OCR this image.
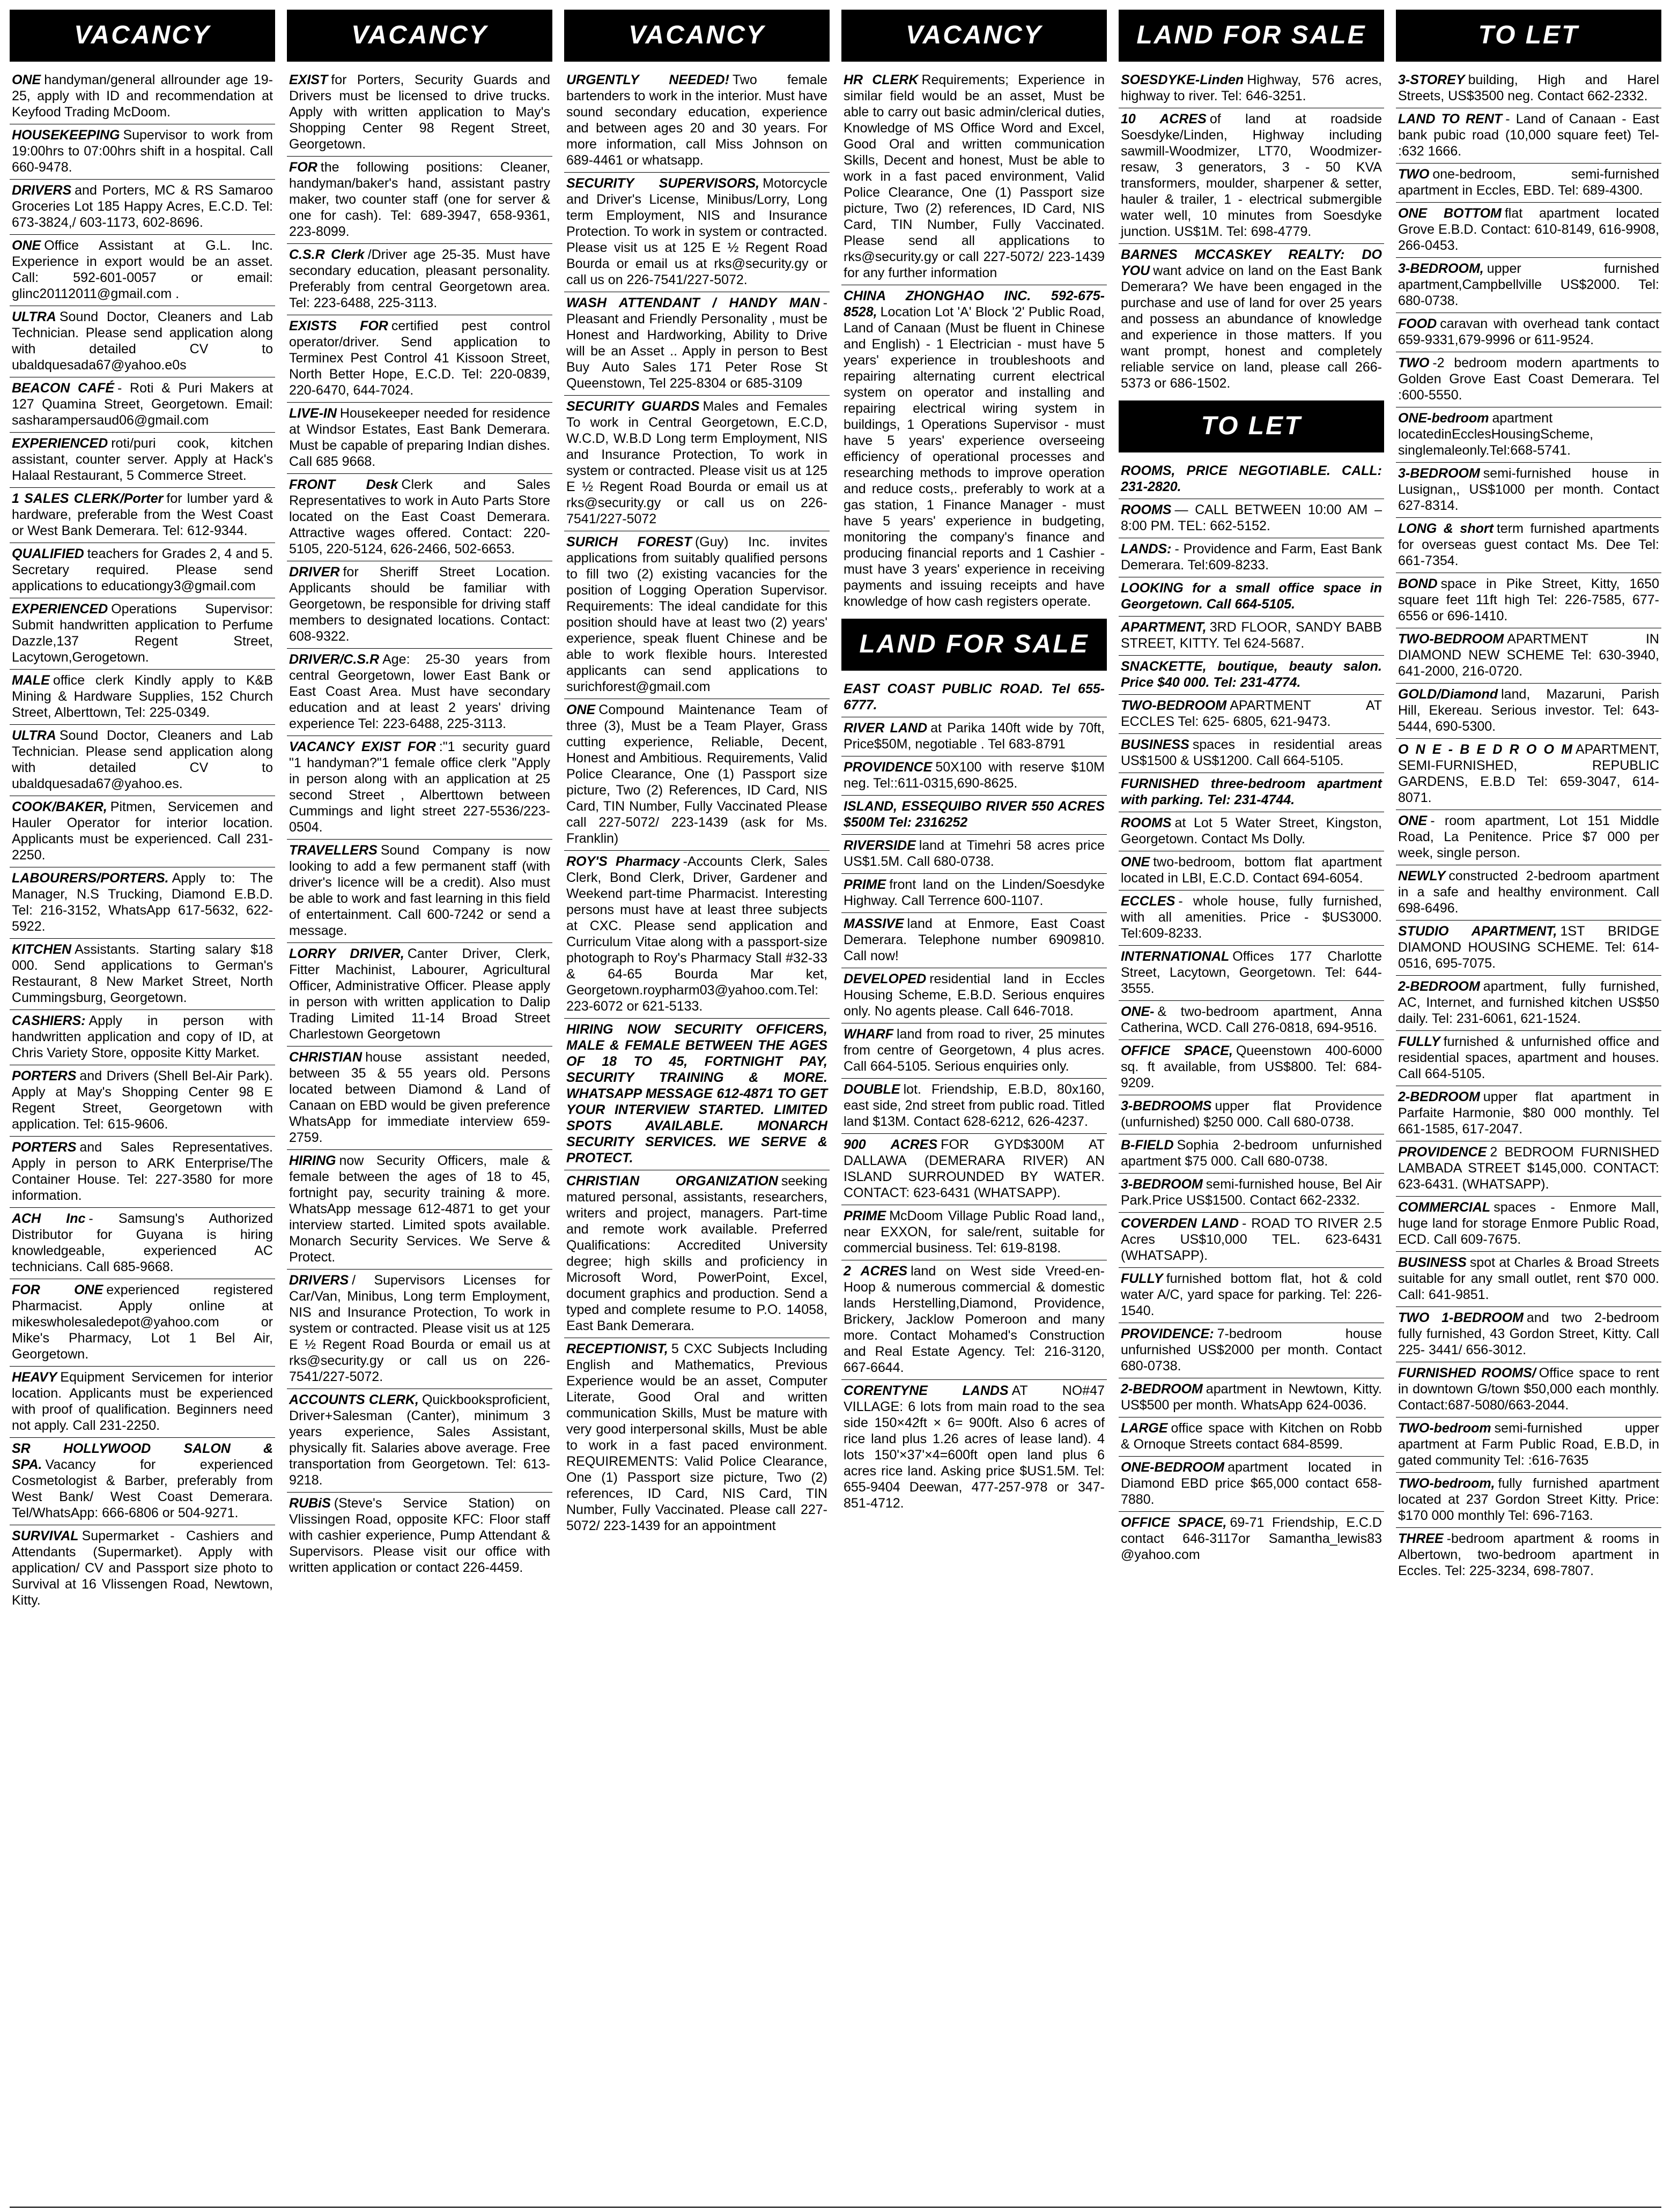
VACANCY
ONE handyman/general allrounder age 19-25, apply with ID and recommendation at Keyfood Trading McDoom.
HOUSEKEEPING Supervisor to work from 19:00hrs to 07:00hrs shift in a hospital. Call 660-9478.
DRIVERS and Porters, MC & RS Samaroo Groceries Lot 185 Happy Acres, E.C.D. Tel: 673-3824,/ 603-1173, 602-8696.
ONE Office Assistant at G.L. Inc. Experience in export would be an asset. Call: 592-601-0057 or email: glinc20112011@gmail.com .
ULTRA Sound Doctor, Cleaners and Lab Technician. Please send application along with detailed CV to ubaldquesada67@yahoo.e0s
BEACON CAFÉ - Roti & Puri Makers at 127 Quamina Street, Georgetown. Email: sasharampersaud06@gmail.com
EXPERIENCED roti/puri cook, kitchen assistant, counter server. Apply at Hack's Halaal Restaurant, 5 Commerce Street.
1 SALES CLERK/Porter for lumber yard & hardware, preferable from the West Coast or West Bank Demerara. Tel: 612-9344.
QUALIFIED teachers for Grades 2, 4 and 5. Secretary required. Please send applications to educationgy3@gmail.com
EXPERIENCED Operations Supervisor: Submit handwritten application to Perfume Dazzle,137 Regent Street, Lacytown,Gerogetown.
MALE office clerk Kindly apply to K&B Mining & Hardware Supplies, 152 Church Street, Alberttown, Tel: 225-0349.
ULTRA Sound Doctor, Cleaners and Lab Technician. Please send application along with detailed CV to ubaldquesada67@yahoo.es.
COOK/BAKER, Pitmen, Servicemen and Hauler Operator for interior location. Applicants must be experienced. Call 231-2250.
LABOURERS/PORTERS. Apply to: The Manager, N.S Trucking, Diamond E.B.D. Tel: 216-3152, WhatsApp 617-5632, 622-5922.
KITCHEN Assistants. Starting salary $18 000. Send applications to German's Restaurant, 8 New Market Street, North Cummingsburg, Georgetown.
CASHIERS: Apply in person with handwritten application and copy of ID, at Chris Variety Store, opposite Kitty Market.
PORTERS and Drivers (Shell Bel-Air Park). Apply at May's Shopping Center 98 E Regent Street, Georgetown with application. Tel: 615-9606.
PORTERS and Sales Representatives. Apply in person to ARK Enterprise/The Container House. Tel: 227-3580 for more information.
ACH Inc - Samsung's Authorized Distributor for Guyana is hiring knowledgeable, experienced AC technicians. Call 685-9668.
FOR ONE experienced registered Pharmacist. Apply online at mikeswholesaledepot@yahoo.com or Mike's Pharmacy, Lot 1 Bel Air, Georgetown.
HEAVY Equipment Servicemen for interior location. Applicants must be experienced with proof of qualification. Beginners need not apply. Call 231-2250.
SR HOLLYWOOD SALON & SPA. Vacancy for experienced Cosmetologist & Barber, preferably from West Bank/ West Coast Demerara. Tel/WhatsApp: 666-6806 or 504-9271.
SURVIVAL Supermarket - Cashiers and Attendants (Supermarket). Apply with application/ CV and Passport size photo to Survival at 16 Vlissengen Road, Newtown, Kitty.
VACANCY
EXIST for Porters, Security Guards and Drivers must be licensed to drive trucks. Apply with written application to May's Shopping Center 98 Regent Street, Georgetown.
FOR the following positions: Cleaner, handyman/baker's hand, assistant pastry maker, two counter staff (one for server & one for cash). Tel: 689-3947, 658-9361, 223-8099.
C.S.R Clerk /Driver age 25-35. Must have secondary education, pleasant personality. Preferably from central Georgetown area. Tel: 223-6488, 225-3113.
EXISTS FOR certified pest control operator/driver. Send application to Terminex Pest Control 41 Kissoon Street, North Better Hope, E.C.D. Tel: 220-0839, 220-6470, 644-7024.
LIVE-IN Housekeeper needed for residence at Windsor Estates, East Bank Demerara. Must be capable of preparing Indian dishes. Call 685 9668.
FRONT Desk Clerk and Sales Representatives to work in Auto Parts Store located on the East Coast Demerara. Attractive wages offered. Contact: 220-5105, 220-5124, 626-2466, 502-6653.
DRIVER for Sheriff Street Location. Applicants should be familiar with Georgetown, be responsible for driving staff members to designated locations. Contact: 608-9322.
DRIVER/C.S.R Age: 25-30 years from central Georgetown, lower East Bank or East Coast Area. Must have secondary education and at least 2 years' driving experience Tel: 223-6488, 225-3113.
VACANCY EXIST FOR :"1 security guard "1 handyman?"1 female office clerk "Apply in person along with an application at 25 second Street , Alberttown between Cummings and light street 227-5536/223-0504.
TRAVELLERS Sound Company is now looking to add a few permanent staff (with driver's licence will be a credit). Also must be able to work and fast learning in this field of entertainment. Call 600-7242 or send a message.
LORRY DRIVER, Canter Driver, Clerk, Fitter Machinist, Labourer, Agricultural Officer, Administrative Officer. Please apply in person with written application to Dalip Trading Limited 11-14 Broad Street Charlestown Georgetown
CHRISTIAN house assistant needed, between 35 & 55 years old. Persons located between Diamond & Land of Canaan on EBD would be given preference WhatsApp for immediate interview 659-2759.
HIRING now Security Officers, male & female between the ages of 18 to 45, fortnight pay, security training & more. WhatsApp message 612-4871 to get your interview started. Limited spots available. Monarch Security Services. We Serve & Protect.
DRIVERS / Supervisors Licenses for Car/Van, Minibus, Long term Employment, NIS and Insurance Protection, To work in system or contracted. Please visit us at 125 E ½ Regent Road Bourda or email us at rks@security.gy or call us on 226-7541/227-5072.
ACCOUNTS CLERK, Quickbooksproficient, Driver+Salesman (Canter), minimum 3 years experience, Sales Assistant, physically fit. Salaries above average. Free transportation from Georgetown. Tel: 613-9218.
RUBiS (Steve's Service Station) on Vlissingen Road, opposite KFC: Floor staff with cashier experience, Pump Attendant & Supervisors. Please visit our office with written application or contact 226-4459.
VACANCY
URGENTLY NEEDED! Two female bartenders to work in the interior. Must have sound secondary education, experience and between ages 20 and 30 years. For more information, call Miss Johnson on 689-4461 or whatsapp.
SECURITY SUPERVISORS, Motorcycle and Driver's License, Minibus/Lorry, Long term Employment, NIS and Insurance Protection. To work in system or contracted. Please visit us at 125 E ½ Regent Road Bourda or email us at rks@security.gy or call us on 226-7541/227-5072.
WASH ATTENDANT / HANDY MAN - Pleasant and Friendly Personality , must be Honest and Hardworking, Ability to Drive will be an Asset .. Apply in person to Best Buy Auto Sales 171 Peter Rose St Queenstown, Tel 225-8304 or 685-3109
SECURITY GUARDS Males and Females To work in Central Georgetown, E.C.D, W.C.D, W.B.D Long term Employment, NIS and Insurance Protection, To work in system or contracted. Please visit us at 125 E ½ Regent Road Bourda or email us at rks@security.gy or call us on 226-7541/227-5072
SURICH FOREST (Guy) Inc. invites applications from suitably qualified persons to fill two (2) existing vacancies for the position of Logging Operation Supervisor. Requirements: The ideal candidate for this position should have at least two (2) years' experience, speak fluent Chinese and be able to work flexible hours. Interested applicants can send applications to surichforest@gmail.com
ONE Compound Maintenance Team of three (3), Must be a Team Player, Grass cutting experience, Reliable, Decent, Honest and Ambitious. Requirements, Valid Police Clearance, One (1) Passport size picture, Two (2) References, ID Card, NIS Card, TIN Number, Fully Vaccinated Please call 227-5072/ 223-1439 (ask for Ms. Franklin)
ROY'S Pharmacy -Accounts Clerk, Sales Clerk, Bond Clerk, Driver, Gardener and Weekend part-time Pharmacist. Interesting persons must have at least three subjects at CXC. Please send application and Curriculum Vitae along with a passport-size photograph to Roy's Pharmacy Stall #32-33 & 64-65 Bourda Mar ket, Georgetown.roypharm03@yahoo.com.Tel: 223-6072 or 621-5133.
HIRING NOW SECURITY OFFICERS, MALE & FEMALE BETWEEN THE AGES OF 18 TO 45, FORTNIGHT PAY, SECURITY TRAINING & MORE. WHATSAPP MESSAGE 612-4871 TO GET YOUR INTERVIEW STARTED. LIMITED SPOTS AVAILABLE. MONARCH SECURITY SERVICES. WE SERVE & PROTECT.
CHRISTIAN ORGANIZATION seeking matured personal, assistants, researchers, writers and project, managers. Part-time and remote work available. Preferred Qualifications: Accredited University degree; high skills and proficiency in Microsoft Word, PowerPoint, Excel, document graphics and production. Send a typed and complete resume to P.O. 14058, East Bank Demerara.
RECEPTIONIST, 5 CXC Subjects Including English and Mathematics, Previous Experience would be an asset, Computer Literate, Good Oral and written communication Skills, Must be mature with very good interpersonal skills, Must be able to work in a fast paced environment. REQUIREMENTS: Valid Police Clearance, One (1) Passport size picture, Two (2) references, ID Card, NIS Card, TIN Number, Fully Vaccinated. Please call 227-5072/ 223-1439 for an appointment
VACANCY
HR CLERK Requirements; Experience in similar field would be an asset, Must be able to carry out basic admin/clerical duties, Knowledge of MS Office Word and Excel, Good Oral and written communication Skills, Decent and honest, Must be able to work in a fast paced environment, Valid Police Clearance, One (1) Passport size picture, Two (2) references, ID Card, NIS Card, TIN Number, Fully Vaccinated. Please send all applications to rks@security.gy or call 227-5072/ 223-1439 for any further information
CHINA ZHONGHAO INC. 592-675-8528, Location Lot 'A' Block '2' Public Road, Land of Canaan (Must be fluent in Chinese and English) - 1 Electrician - must have 5 years' experience in troubleshoots and repairing alternating current electrical system on operator and installing and repairing electrical wiring system in buildings, 1 Operations Supervisor - must have 5 years' experience overseeing efficiency of operational processes and researching methods to improve operation and reduce costs,. preferably to work at a gas station, 1 Finance Manager - must have 5 years' experience in budgeting, monitoring the company's finance and producing financial reports and 1 Cashier - must have 3 years' experience in receiving payments and issuing receipts and have knowledge of how cash registers operate.
LAND FOR SALE
EAST COAST PUBLIC ROAD. Tel 655-6777.
RIVER LAND at Parika 140ft wide by 70ft, Price$50M, negotiable . Tel 683-8791
PROVIDENCE 50X100 with reserve $10M neg. Tel::611-0315,690-8625.
ISLAND, ESSEQUIBO RIVER 550 ACRES $500M Tel: 2316252
RIVERSIDE land at Timehri 58 acres price US$1.5M. Call 680-0738.
PRIME front land on the Linden/Soesdyke Highway. Call Terrence 600-1107.
MASSIVE land at Enmore, East Coast Demerara. Telephone number 6909810. Call now!
DEVELOPED residential land in Eccles Housing Scheme, E.B.D. Serious enquires only. No agents please. Call 646-7018.
WHARF land from road to river, 25 minutes from centre of Georgetown, 4 plus acres. Call 664-5105. Serious enquiries only.
DOUBLE lot. Friendship, E.B.D, 80x160, east side, 2nd street from public road. Titled land $13M. Contact 628-6212, 626-4237.
900 ACRES FOR GYD$300M AT DALLAWA (DEMERARA RIVER) AN ISLAND SURROUNDED BY WATER. CONTACT: 623-6431 (WHATSAPP).
PRIME McDoom Village Public Road land,, near EXXON, for sale/rent, suitable for commercial business. Tel: 619-8198.
2 ACRES land on West side Vreed-en-Hoop & numerous commercial & domestic lands Herstelling,Diamond, Providence, Brickery, Jacklow Pomeroon and many more. Contact Mohamed's Construction and Real Estate Agency. Tel: 216-3120, 667-6644.
CORENTYNE LANDS AT NO#47 VILLAGE: 6 lots from main road to the sea side 150×42ft × 6= 900ft. Also 6 acres of rice land plus 1.26 acres of lease land). 4 lots 150'×37'×4=600ft open land plus 6 acres rice land. Asking price $US1.5M. Tel: 655-9404 Deewan, 477-257-978 or 347-851-4712.
LAND FOR SALE
SOESDYKE-Linden Highway, 576 acres, highway to river. Tel: 646-3251.
10 ACRES of land at roadside Soesdyke/Linden, Highway including sawmill-Woodmizer, LT70, Woodmizer-resaw, 3 generators, 3 - 50 KVA transformers, moulder, sharpener & setter, hauler & trailer, 1 - electrical submergible water well, 10 minutes from Soesdyke junction. US$1M. Tel: 698-4779.
BARNES MCCASKEY REALTY: DO YOU want advice on land on the East Bank Demerara? We have been engaged in the purchase and use of land for over 25 years and possess an abundance of knowledge and experience in those matters. If you want prompt, honest and completely reliable service on land, please call 266-5373 or 686-1502.
TO LET
ROOMS, PRICE NEGOTIABLE. CALL: 231-2820.
ROOMS — CALL BETWEEN 10:00 AM – 8:00 PM. TEL: 662-5152.
LANDS: - Providence and Farm, East Bank Demerara. Tel:609-8233.
LOOKING for a small office space in Georgetown. Call 664-5105.
APARTMENT, 3RD FLOOR, SANDY BABB STREET, KITTY. Tel 624-5687.
SNACKETTE, boutique, beauty salon. Price $40 000. Tel: 231-4774.
TWO-BEDROOM APARTMENT AT ECCLES Tel: 625- 6805, 621-9473.
BUSINESS spaces in residential areas US$1500 & US$1200. Call 664-5105.
FURNISHED three-bedroom apartment with parking. Tel: 231-4744.
ROOMS at Lot 5 Water Street, Kingston, Georgetown. Contact Ms Dolly.
ONE two-bedroom, bottom flat apartment located in LBI, E.C.D. Contact 694-6054.
ECCLES - whole house, fully furnished, with all amenities. Price - $US3000. Tel:609-8233.
INTERNATIONAL Offices 177 Charlotte Street, Lacytown, Georgetown. Tel: 644-3555.
ONE- & two-bedroom apartment, Anna Catherina, WCD. Call 276-0818, 694-9516.
OFFICE SPACE, Queenstown 400-6000 sq. ft available, from US$800. Tel: 684-9209.
3-BEDROOMS upper flat Providence (unfurnished) $250 000. Call 680-0738.
B-FIELD Sophia 2-bedroom unfurnished apartment $75 000. Call 680-0738.
3-BEDROOM semi-furnished house, Bel Air Park.Price US$1500. Contact 662-2332.
COVERDEN LAND - ROAD TO RIVER 2.5 Acres US$10,000 TEL. 623-6431 (WHATSAPP).
FULLY furnished bottom flat, hot & cold water A/C, yard space for parking. Tel: 226-1540.
PROVIDENCE: 7-bedroom house unfurnished US$2000 per month. Contact 680-0738.
2-BEDROOM apartment in Newtown, Kitty. US$500 per month. WhatsApp 624-0036.
LARGE office space with Kitchen on Robb & Ornoque Streets contact 684-8599.
ONE-BEDROOM apartment located in Diamond EBD price $65,000 contact 658-7880.
OFFICE SPACE, 69-71 Friendship, E.C.D contact 646-3117or Samantha_lewis83 @yahoo.com
TO LET
3-STOREY building, High and Harel Streets, US$3500 neg. Contact 662-2332.
LAND TO RENT - Land of Canaan - East bank pubic road (10,000 square feet) Tel- :632 1666.
TWO one-bedroom, semi-furnished apartment in Eccles, EBD. Tel: 689-4300.
ONE BOTTOM flat apartment located Grove E.B.D. Contact: 610-8149, 616-9908, 266-0453.
3-BEDROOM, upper furnished apartment,Campbellville US$2000. Tel: 680-0738.
FOOD caravan with overhead tank contact 659-9331,679-9996 or 611-9524.
TWO -2 bedroom modern apartments to Golden Grove East Coast Demerara. Tel :600-5550.
ONE-bedroom apartment locatedinEcclesHousingScheme, singlemaleonly.Tel:668-5741.
3-BEDROOM semi-furnished house in Lusignan,, US$1000 per month. Contact 627-8314.
LONG & short term furnished apartments for overseas guest contact Ms. Dee Tel: 661-7354.
BOND space in Pike Street, Kitty, 1650 square feet 11ft high Tel: 226-7585, 677-6556 or 696-1410.
TWO-BEDROOM APARTMENT IN DIAMOND NEW SCHEME Tel: 630-3940, 641-2000, 216-0720.
GOLD/Diamond land, Mazaruni, Parish Hill, Ekereau. Serious investor. Tel: 643-5444, 690-5300.
O N E - B E D R O O M APARTMENT, SEMI-FURNISHED, REPUBLIC GARDENS, E.B.D Tel: 659-3047, 614-8071.
ONE - room apartment, Lot 151 Middle Road, La Penitence. Price $7 000 per week, single person.
NEWLY constructed 2-bedroom apartment in a safe and healthy environment. Call 698-6496.
STUDIO APARTMENT, 1ST BRIDGE DIAMOND HOUSING SCHEME. Tel: 614-0516, 695-7075.
2-BEDROOM apartment, fully furnished, AC, Internet, and furnished kitchen US$50 daily. Tel: 231-6061, 621-1524.
FULLY furnished & unfurnished office and residential spaces, apartment and houses. Call 664-5105.
2-BEDROOM upper flat apartment in Parfaite Harmonie, $80 000 monthly. Tel 661-1585, 617-2047.
PROVIDENCE 2 BEDROOM FURNISHED LAMBADA STREET $145,000. CONTACT: 623-6431. (WHATSAPP).
COMMERCIAL spaces - Enmore Mall, huge land for storage Enmore Public Road, ECD. Call 609-7675.
BUSINESS spot at Charles & Broad Streets suitable for any small outlet, rent $70 000. Call: 641-9851.
TWO 1-BEDROOM and two 2-bedroom fully furnished, 43 Gordon Street, Kitty. Call 225- 3441/ 656-3012.
FURNISHED ROOMS/ Office space to rent in downtown G/town $50,000 each monthly. Contact:687-5080/663-2044.
TWO-bedroom semi-furnished upper apartment at Farm Public Road, E.B.D, in gated community Tel: :616-7635
TWO-bedroom, fully furnished apartment located at 237 Gordon Street Kitty. Price: $170 000 monthly Tel: 696-7163.
THREE -bedroom apartment & rooms in Albertown, two-bedroom apartment in Eccles. Tel: 225-3234, 698-7807.
